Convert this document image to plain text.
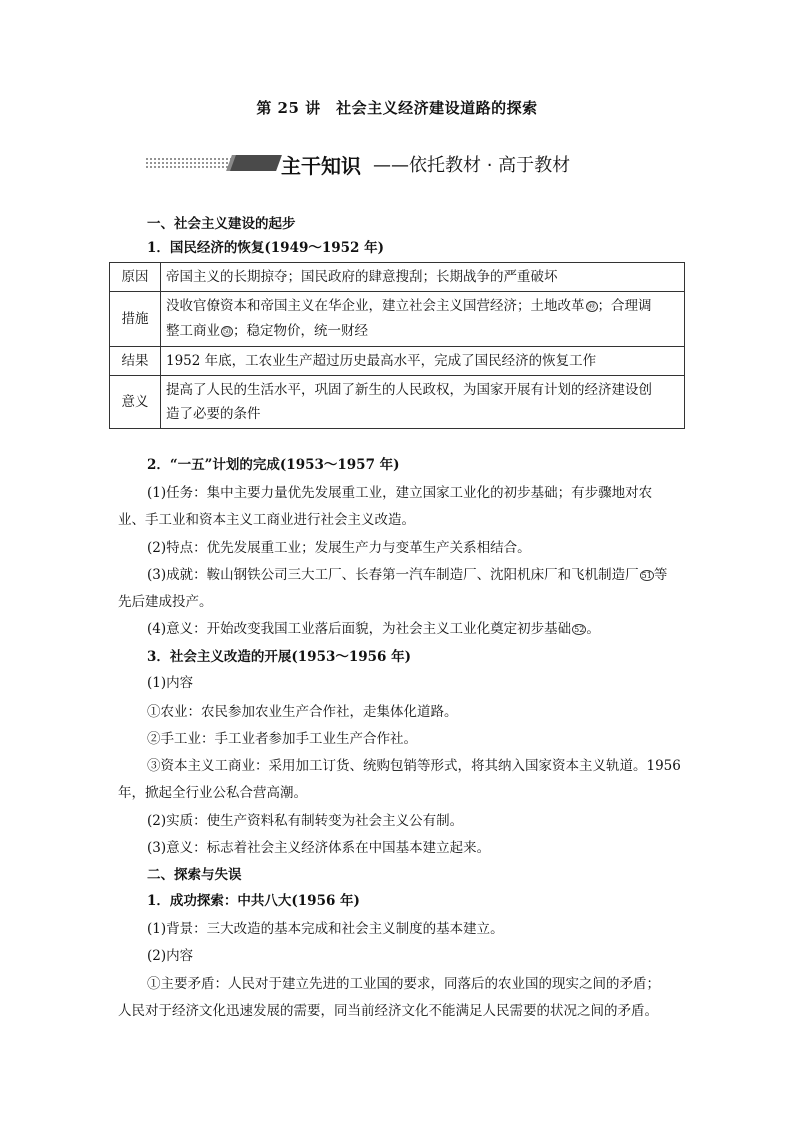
第 25 讲　社会主义经济建设道路的探索
主干知识 ——依托教材 · 高于教材
一、社会主义建设的起步
1．国民经济的恢复(1949～1952 年)
原因	帝国主义的长期掠夺；国民政府的肆意搜刮；长期战争的严重破坏
措施	没收官僚资本和帝国主义在华企业，建立社会主义国营经济；土地改革 ㊾ ；合理调
整工商业 ㊿ ；稳定物价，统一财经
结果	1952 年底，工农业生产超过历史最高水平，完成了国民经济的恢复工作
意义	提高了人民的生活水平，巩固了新生的人民政权，为国家开展有计划的经济建设创
造了必要的条件
2．“一五”计划的完成(1953～1957 年)
(1)任务：集中主要力量优先发展重工业，建立国家工业化的初步基础；有步骤地对农
业、手工业和资本主义工商业进行社会主义改造。
(2)特点：优先发展重工业；发展生产力与变革生产关系相结合。
(3)成就：鞍山钢铁公司三大工厂、长春第一汽车制造厂、沈阳机床厂和飞机制造厂 51 等
先后建成投产。
(4)意义：开始改变我国工业落后面貌，为社会主义工业化奠定初步基础 52 。
3．社会主义改造的开展(1953～1956 年)
(1)内容
①农业：农民参加农业生产合作社，走集体化道路。
②手工业：手工业者参加手工业生产合作社。
③资本主义工商业：采用加工订货、统购包销等形式，将其纳入国家资本主义轨道。1956
年，掀起全行业公私合营高潮。
(2)实质：使生产资料私有制转变为社会主义公有制。
(3)意义：标志着社会主义经济体系在中国基本建立起来。
二、探索与失误
1．成功探索：中共八大(1956 年)
(1)背景：三大改造的基本完成和社会主义制度的基本建立。
(2)内容
①主要矛盾：人民对于建立先进的工业国的要求，同落后的农业国的现实之间的矛盾；
人民对于经济文化迅速发展的需要，同当前经济文化不能满足人民需要的状况之间的矛盾。
